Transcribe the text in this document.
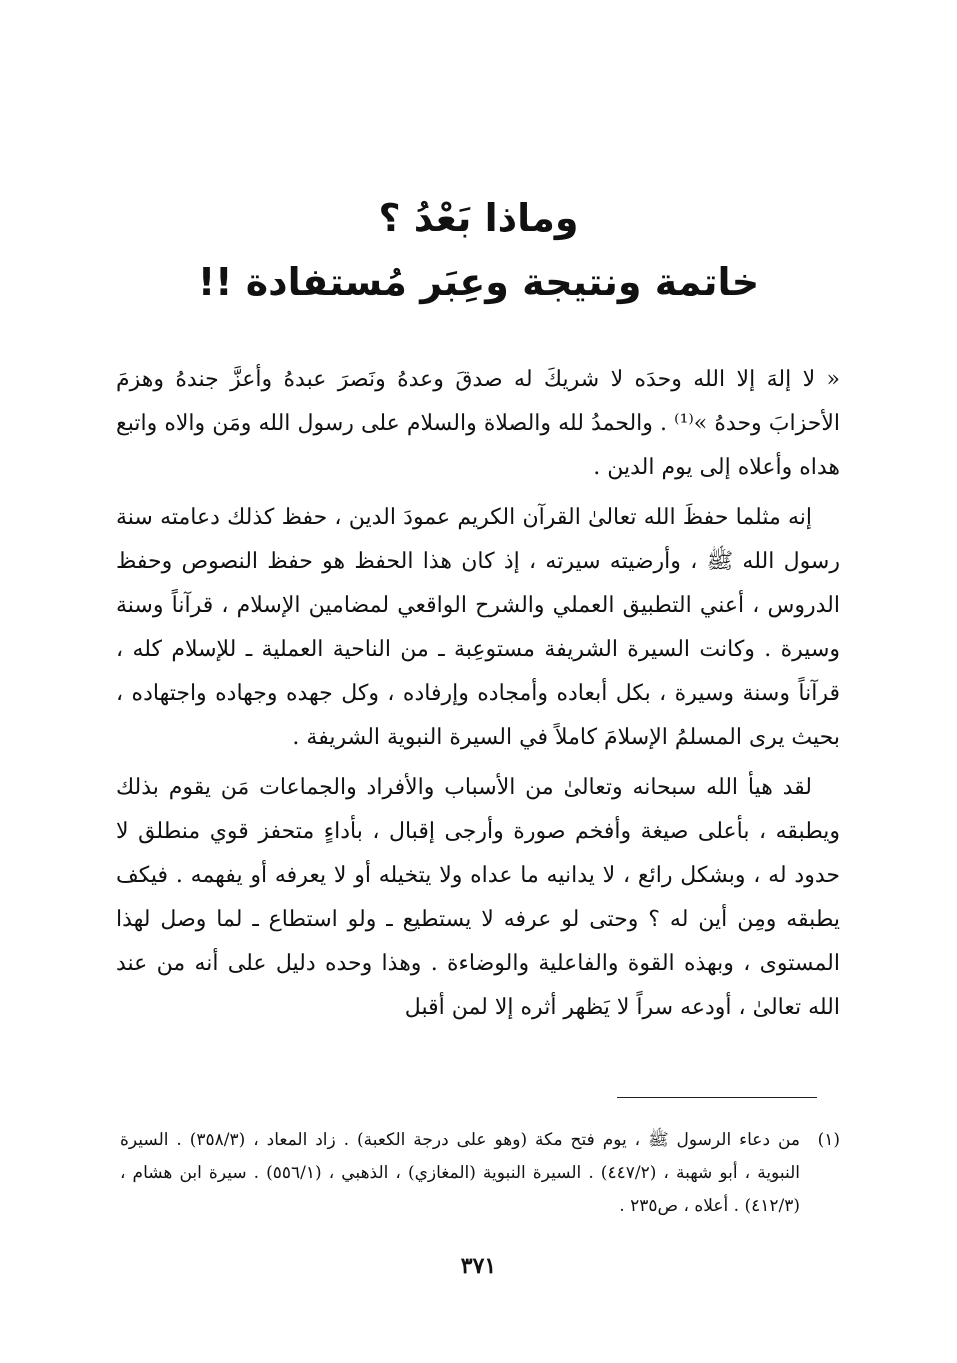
وماذا بَعْدُ ؟
خاتمة ونتيجة وعِبَر مُستفادة !!

« لا إلهَ إلا الله وحدَه لا شريكَ له صدقَ وعدهُ ونَصرَ عبدهُ وأعزَّ جندهُ وهزمَ الأحزابَ وحدهُ »⁽¹⁾ . والحمدُ لله والصلاة والسلام على رسول الله ومَن والاه واتبع هداه وأعلاه إلى يوم الدين .

إنه مثلما حفظَ الله تعالىٰ القرآن الكريم عمودَ الدين ، حفظ كذلك دعامته سنة رسول الله ﷺ ، وأرضيته سيرته ، إذ كان هذا الحفظ هو حفظ النصوص وحفظ الدروس ، أعني التطبيق العملي والشرح الواقعي لمضامين الإسلام ، قرآناً وسنة وسيرة . وكانت السيرة الشريفة مستوعِبة ـ من الناحية العملية ـ للإسلام كله ، قرآناً وسنة وسيرة ، بكل أبعاده وأمجاده وإرفاده ، وكل جهده وجهاده واجتهاده ، بحيث يرى المسلمُ الإسلامَ كاملاً في السيرة النبوية الشريفة .

لقد هيأ الله سبحانه وتعالىٰ من الأسباب والأفراد والجماعات مَن يقوم بذلك ويطبقه ، بأعلى صيغة وأفخم صورة وأرجى إقبال ، بأداءٍ متحفز قوي منطلق لا حدود له ، وبشكل رائع ، لا يدانيه ما عداه ولا يتخيله أو لا يعرفه أو يفهمه . فيكف يطبقه ومِن أين له ؟ وحتى لو عرفه لا يستطيع ـ ولو استطاع ـ لما وصل لهذا المستوى ، وبهذه القوة والفاعلية والوضاءة . وهذا وحده دليل على أنه من عند الله تعالىٰ ، أودعه سراً لا يَظهر أثره إلا لمن أقبل

(١)
من دعاء الرسول ﷺ ، يوم فتح مكة (وهو على درجة الكعبة) . زاد المعاد ، (٣٥٨/٣) . السيرة النبوية ، أبو شهبة ، (٤٤٧/٢) . السيرة النبوية (المغازي) ، الذهبي ، (٥٥٦/١) . سيرة ابن هشام ، (٤١٢/٣) . أعلاه ، ص٢٣٥ .
٣٧١
